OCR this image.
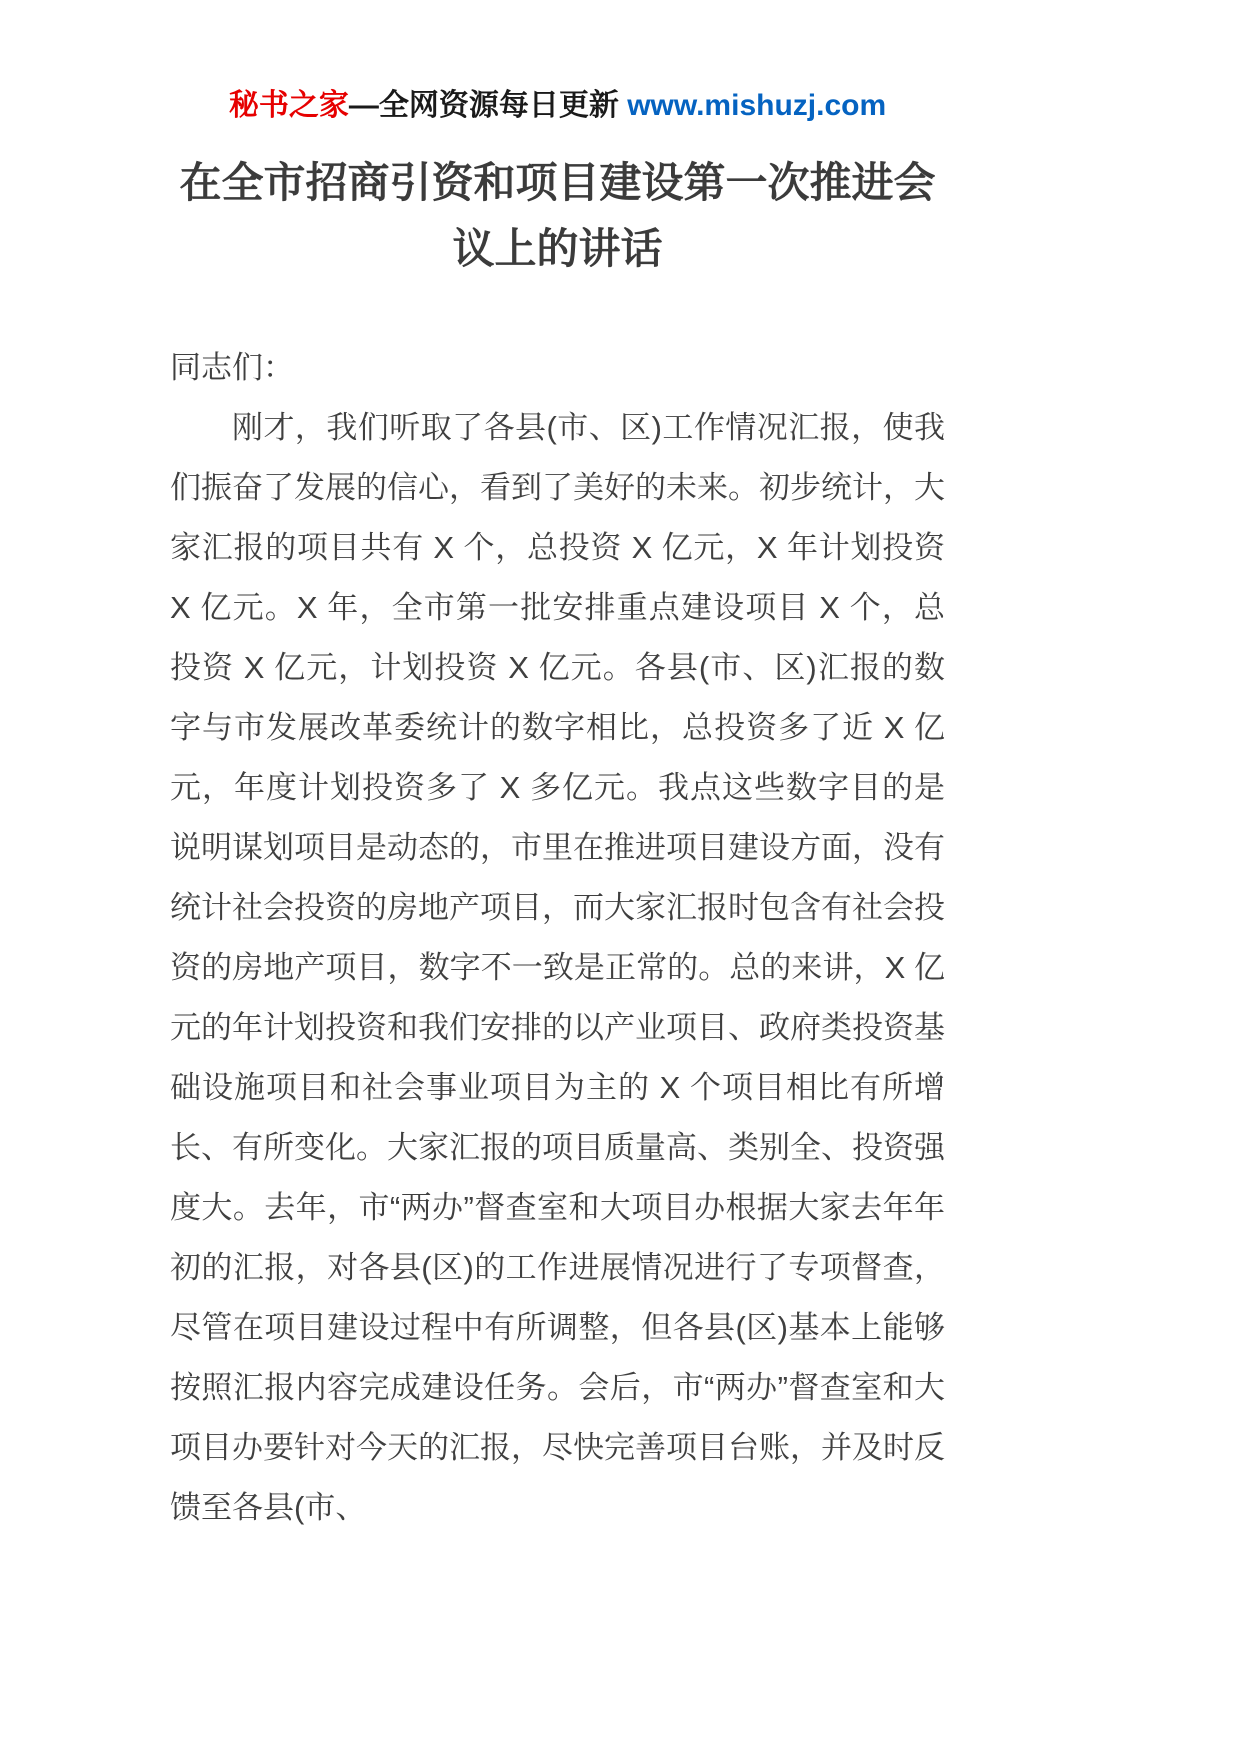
秘书之家—全网资源每日更新 www.mishuzj.com
在全市招商引资和项目建设第一次推进会议上的讲话

同志们：

刚才，我们听取了各县(市、区)工作情况汇报，使我们振奋了发展的信心，看到了美好的未来。初步统计，大家汇报的项目共有 X 个，总投资 X 亿元，X 年计划投资 X 亿元。X 年，全市第一批安排重点建设项目 X 个，总投资 X 亿元，计划投资 X 亿元。各县(市、区)汇报的数字与市发展改革委统计的数字相比，总投资多了近 X 亿元，年度计划投资多了 X 多亿元。我点这些数字目的是说明谋划项目是动态的，市里在推进项目建设方面，没有统计社会投资的房地产项目，而大家汇报时包含有社会投资的房地产项目，数字不一致是正常的。总的来讲，X 亿元的年计划投资和我们安排的以产业项目、政府类投资基础设施项目和社会事业项目为主的 X 个项目相比有所增长、有所变化。大家汇报的项目质量高、类别全、投资强度大。去年，市“两办”督查室和大项目办根据大家去年年初的汇报，对各县(区)的工作进展情况进行了专项督查，尽管在项目建设过程中有所调整，但各县(区)基本上能够按照汇报内容完成建设任务。会后，市“两办”督查室和大项目办要针对今天的汇报，尽快完善项目台账，并及时反馈至各县(市、
